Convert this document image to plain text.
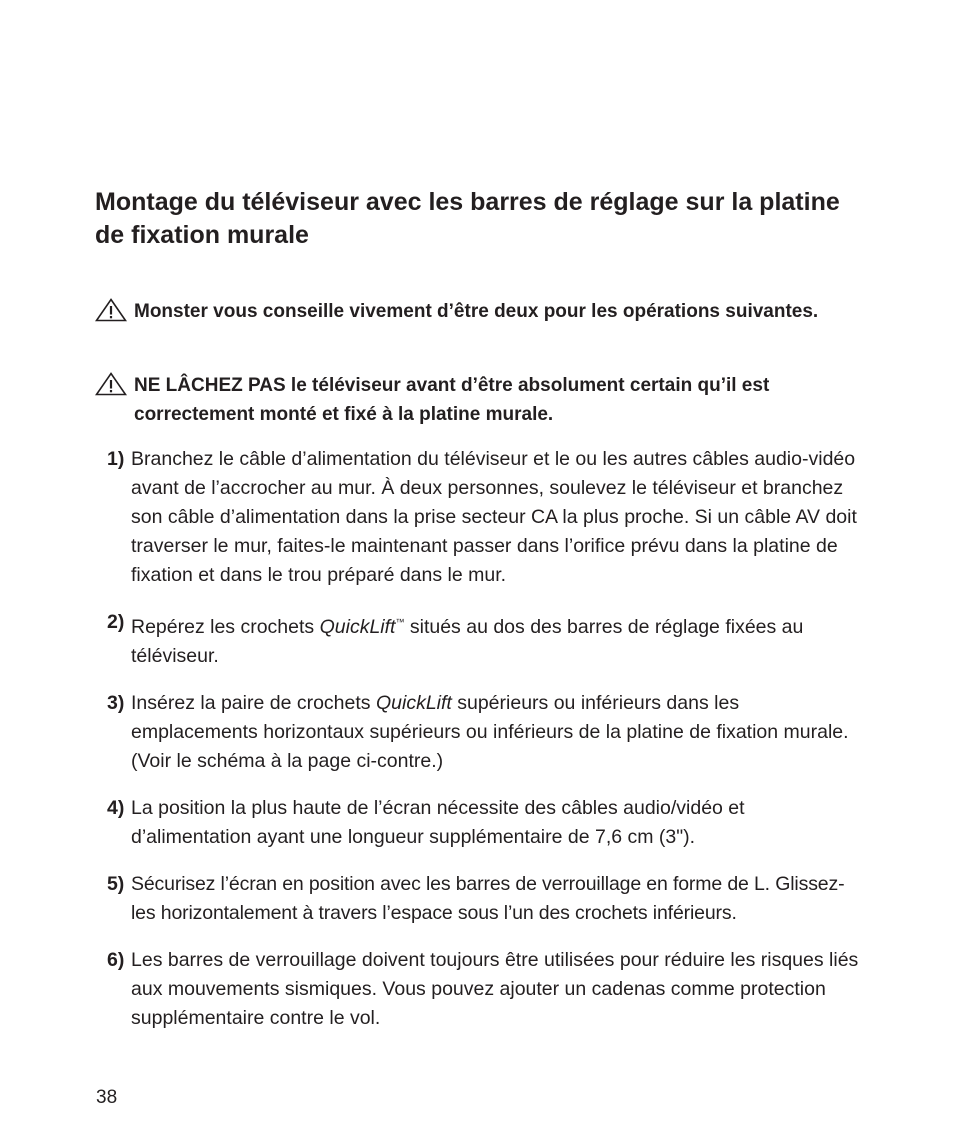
Montage du téléviseur avec les barres de réglage sur la platine de fixation murale
Monster vous conseille vivement d’être deux pour les opérations suivantes.
NE LÂCHEZ PAS le téléviseur avant d’être absolument certain qu’il est correctement monté et fixé à la platine murale.
1) Branchez le câble d’alimentation du téléviseur et le ou les autres câbles audio-vidéo avant de l’accrocher au mur. À deux personnes, soulevez le téléviseur et branchez son câble d’alimentation dans la prise secteur CA la plus proche. Si un câble AV doit traverser le mur, faites-le maintenant passer dans l’orifice prévu dans la platine de fixation et dans le trou préparé dans le mur.
2) Repérez les crochets QuickLift™ situés au dos des barres de réglage fixées au téléviseur.
3) Insérez la paire de crochets QuickLift supérieurs ou inférieurs dans les emplacements horizontaux supérieurs ou inférieurs de la platine de fixation murale. (Voir le schéma à la page ci-contre.)
4) La position la plus haute de l’écran nécessite des câbles audio/vidéo et d’alimentation ayant une longueur supplémentaire de 7,6 cm (3").
5) Sécurisez l’écran en position avec les barres de verrouillage en forme de L. Glissez-les horizontalement à travers l’espace sous l’un des crochets inférieurs.
6) Les barres de verrouillage doivent toujours être utilisées pour réduire les risques liés aux mouvements sismiques. Vous pouvez ajouter un cadenas comme protection supplémentaire contre le vol.
38
